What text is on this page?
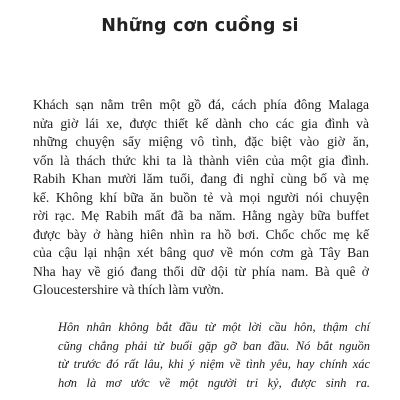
Những cơn cuồng si
Khách sạn nằm trên một gồ đá, cách phía đông Malaga
nửa giờ lái xe, được thiết kế dành cho các gia đình và
những chuyện sẩy miệng vô tình, đặc biệt vào giờ ăn,
vốn là thách thức khi ta là thành viên của một gia đình.
Rabih Khan mười lăm tuổi, đang đi nghỉ cùng bố và mẹ
kế. Không khí bữa ăn buồn tẻ và mọi người nói chuyện
rời rạc. Mẹ Rabih mất đã ba năm. Hằng ngày bữa buffet
được bày ở hàng hiên nhìn ra hồ bơi. Chốc chốc mẹ kế
của cậu lại nhận xét bâng quơ về món cơm gà Tây Ban
Nha hay về gió đang thổi dữ dội từ phía nam. Bà quê ở
Gloucestershire và thích làm vườn.
Hôn nhân không bắt đầu từ một lời cầu hôn, thậm chí
cũng chẳng phải từ buổi gặp gỡ ban đầu. Nó bắt nguồn
từ trước đó rất lâu, khi ý niệm về tình yêu, hay chính xác
hơn là mơ ước về một người tri kỷ, được sinh ra.
